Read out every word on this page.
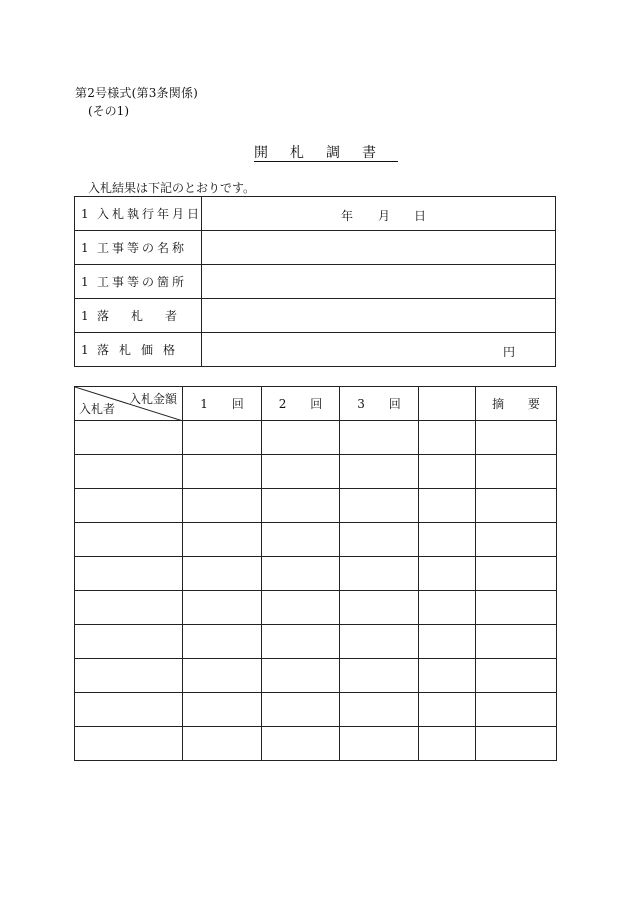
第2号様式(第3条関係)
(その1)
開札調書
入札結果は下記のとおりです。
1 入札執行年月日	年 月 日

1 工事等の名称	
1 工事等の箇所	
1 落札者	
1 落札価格	円
入札金額
入札者	1 回	2 回	3 回		摘 要
